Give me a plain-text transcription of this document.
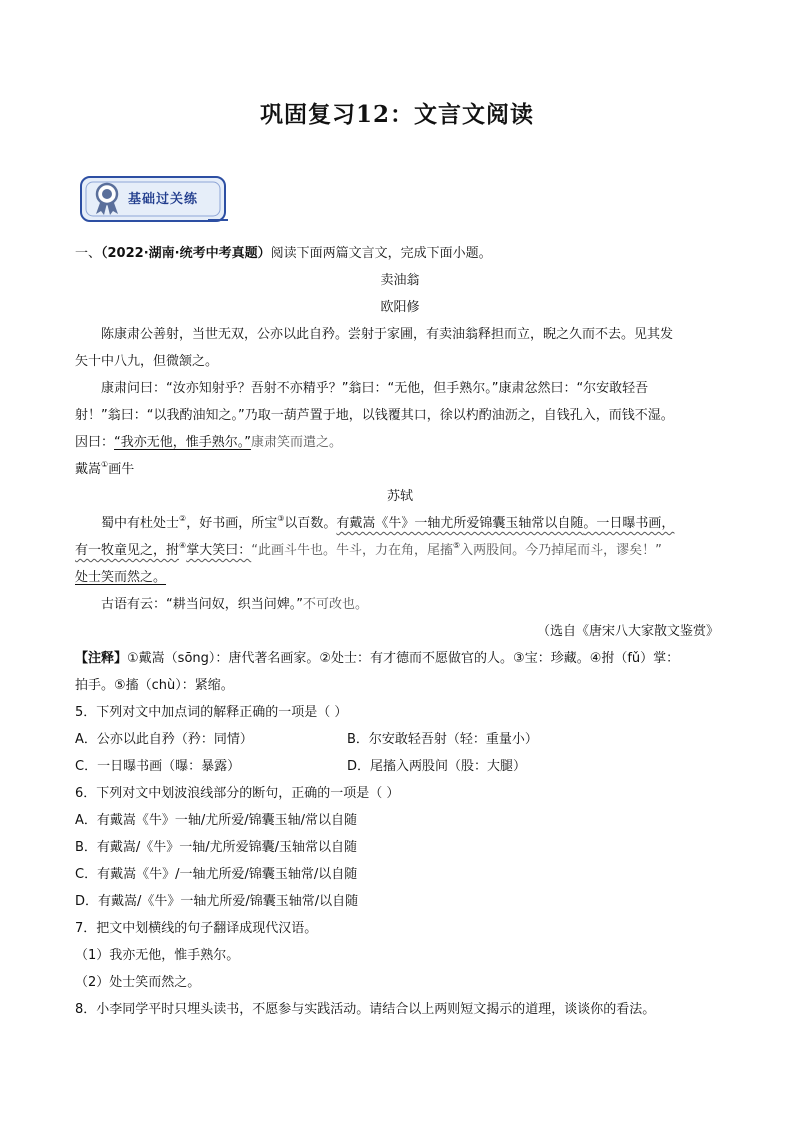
巩固复习12：文言文阅读
基础过关练
一、（2022·湖南·统考中考真题）阅读下面两篇文言文，完成下面小题。
卖油翁
欧阳修
陈康肃公善射，当世无双，公亦以此自矜。尝射于家圃，有卖油翁释担而立，睨之久而不去。见其发
矢十中八九，但微颔之。
康肃问曰：“汝亦知射乎？吾射不亦精乎？”翁曰：“无他，但手熟尔。”康肃忿然曰：“尔安敢轻吾
射！”翁曰：“以我酌油知之。”乃取一葫芦置于地，以钱覆其口，徐以杓酌油沥之，自钱孔入，而钱不湿。
因曰：“我亦无他，惟手熟尔。”康肃笑而遣之。
戴嵩①画牛
苏轼
蜀中有杜处士②，好书画，所宝③以百数。有戴嵩《牛》一轴尤所爱锦囊玉轴常以自随。一日曝书画，
有一牧童见之，拊④掌大笑曰：“此画斗牛也。牛斗，力在角，尾搐⑤入两股间。今乃掉尾而斗，谬矣！”
处士笑而然之。
古语有云：“耕当问奴，织当问婢。”不可改也。
（选自《唐宋八大家散文鉴赏》
【注释】①戴嵩（sōng）：唐代著名画家。②处士：有才德而不愿做官的人。③宝：珍藏。④拊（fǔ）掌：
拍手。⑤搐（chù）：紧缩。
5．下列对文中加点词的解释正确的一项是（ ）
A．公亦以此自矜（矜：同情）	B．尔安敢轻吾射（轻：重量小）
C．一日曝书画（曝：暴露）	D．尾搐入两股间（股：大腿）
6．下列对文中划波浪线部分的断句，正确的一项是（ ）
A．有戴嵩《牛》一轴/尤所爱/锦囊玉轴/常以自随
B．有戴嵩/《牛》一轴/尤所爱锦囊/玉轴常以自随
C．有戴嵩《牛》/一轴尤所爱/锦囊玉轴常/以自随
D．有戴嵩/《牛》一轴尤所爱/锦囊玉轴常/以自随
7．把文中划横线的句子翻译成现代汉语。
（1）我亦无他，惟手熟尔。
（2）处士笑而然之。
8．小李同学平时只埋头读书，不愿参与实践活动。请结合以上两则短文揭示的道理，谈谈你的看法。
